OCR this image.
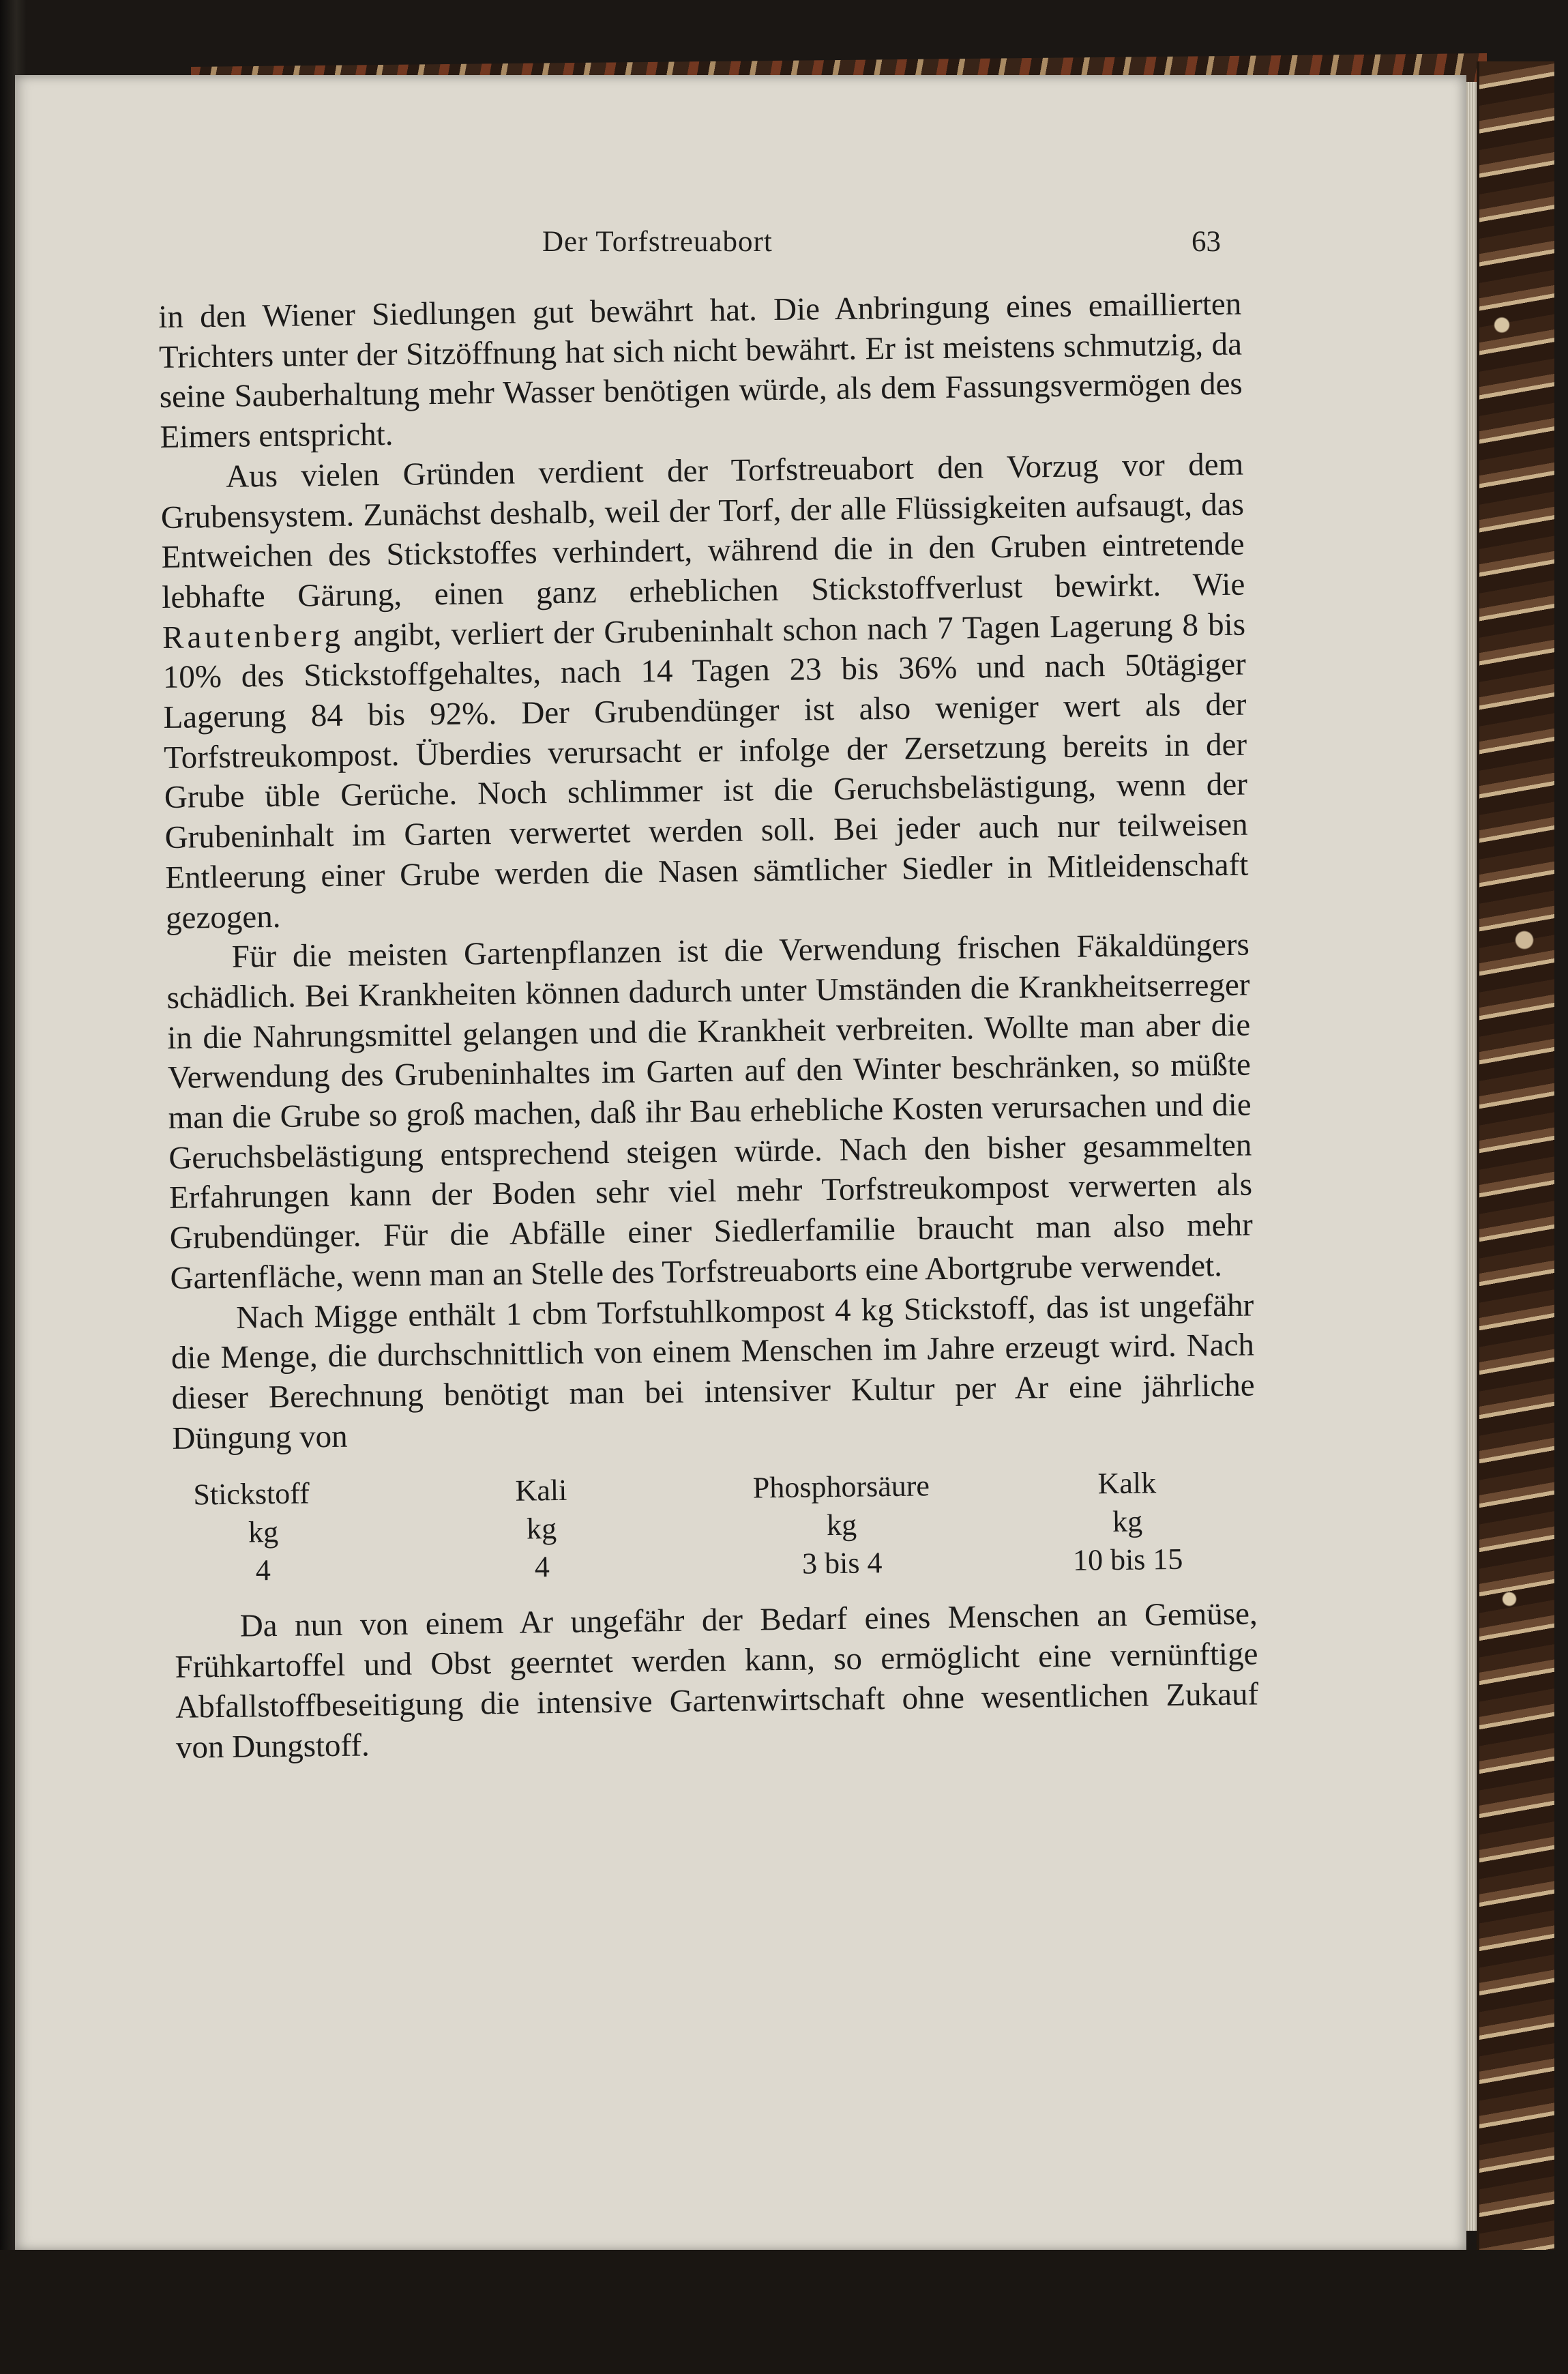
Der Torfstreuabort	63

in den Wiener Siedlungen gut bewährt hat. Die Anbringung eines emaillierten Trichters unter der Sitzöffnung hat sich nicht bewährt. Er ist meistens schmutzig, da seine Sauberhaltung mehr Wasser benötigen würde, als dem Fassungsvermögen des Eimers entspricht.

Aus vielen Gründen verdient der Torfstreuabort den Vorzug vor dem Grubensystem. Zunächst deshalb, weil der Torf, der alle Flüssigkeiten aufsaugt, das Entweichen des Stickstoffes verhindert, während die in den Gruben eintretende lebhafte Gärung, einen ganz erheblichen Stickstoffverlust bewirkt. Wie Rautenberg angibt, verliert der Grubeninhalt schon nach 7 Tagen Lagerung 8 bis 10% des Stickstoffgehaltes, nach 14 Tagen 23 bis 36% und nach 50tägiger Lagerung 84 bis 92%. Der Grubendünger ist also weniger wert als der Torfstreukompost. Überdies verursacht er infolge der Zersetzung bereits in der Grube üble Gerüche. Noch schlimmer ist die Geruchsbelästigung, wenn der Grubeninhalt im Garten verwertet werden soll. Bei jeder auch nur teilweisen Entleerung einer Grube werden die Nasen sämtlicher Siedler in Mitleidenschaft gezogen.

Für die meisten Gartenpflanzen ist die Verwendung frischen Fäkaldüngers schädlich. Bei Krankheiten können dadurch unter Umständen die Krankheitserreger in die Nahrungsmittel gelangen und die Krankheit verbreiten. Wollte man aber die Verwendung des Grubeninhaltes im Garten auf den Winter beschränken, so müßte man die Grube so groß machen, daß ihr Bau erhebliche Kosten verursachen und die Geruchsbelästigung entsprechend steigen würde. Nach den bisher gesammelten Erfahrungen kann der Boden sehr viel mehr Torfstreukompost verwerten als Grubendünger. Für die Abfälle einer Siedlerfamilie braucht man also mehr Gartenfläche, wenn man an Stelle des Torfstreuaborts eine Abortgrube verwendet.

Nach Migge enthält 1 cbm Torfstuhlkompost 4 kg Stickstoff, das ist ungefähr die Menge, die durchschnittlich von einem Menschen im Jahre erzeugt wird. Nach dieser Berechnung benötigt man bei intensiver Kultur per Ar eine jährliche Düngung von

Stickstoff	Kali	Phosphorsäure	Kalk
kg	kg	kg	kg
4	4	3 bis 4	10 bis 15

Da nun von einem Ar ungefähr der Bedarf eines Menschen an Gemüse, Frühkartoffel und Obst geerntet werden kann, so ermöglicht eine vernünftige Abfallstoffbeseitigung die intensive Gartenwirtschaft ohne wesentlichen Zukauf von Dungstoff.
